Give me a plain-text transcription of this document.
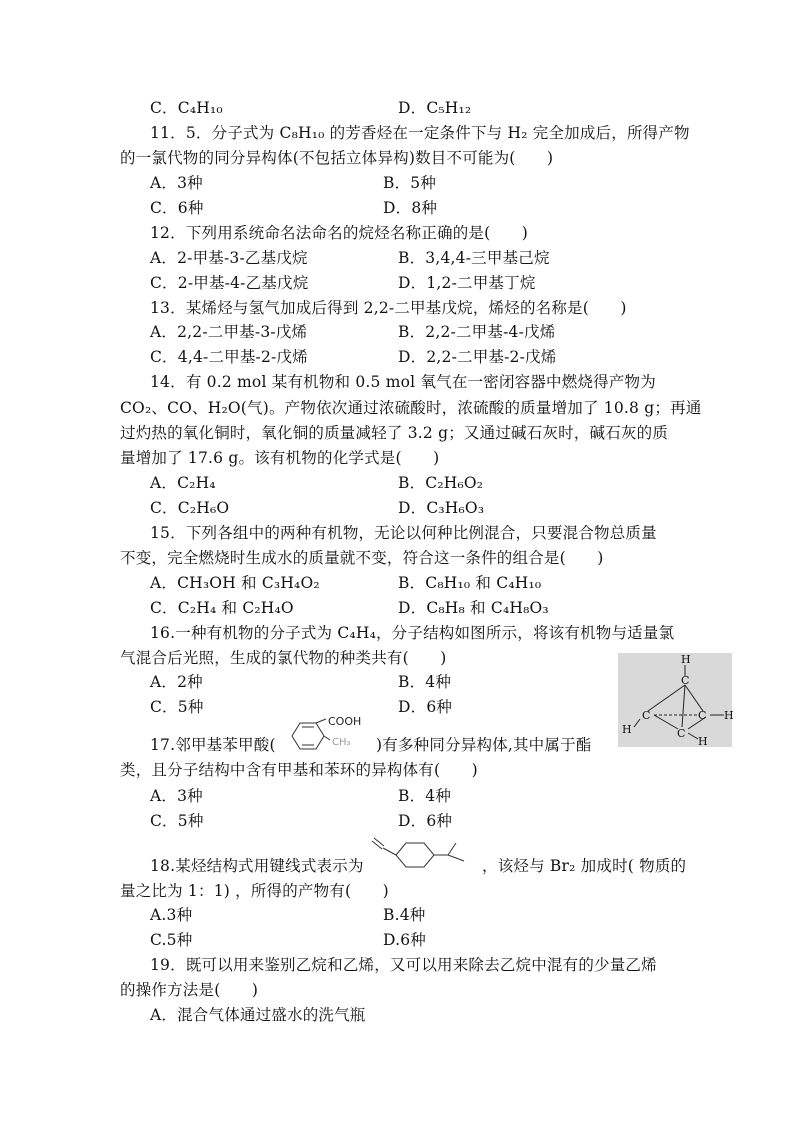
C．C₄H₁₀	D．C₅H₁₂
11．5．分子式为 C₈H₁₀ 的芳香烃在一定条件下与 H₂ 完全加成后，所得产物
的一氯代物的同分异构体(不包括立体异构)数目不可能为(　　)
A．3种	B．5种
C．6种	D．8种
12．下列用系统命名法命名的烷烃名称正确的是(　　)
A．2-甲基-3-乙基戊烷	B．3,4,4-三甲基己烷
C．2-甲基-4-乙基戊烷	D．1,2-二甲基丁烷
13．某烯烃与氢气加成后得到 2,2-二甲基戊烷，烯烃的名称是(　　)
A．2,2-二甲基-3-戊烯	B．2,2-二甲基-4-戊烯
C．4,4-二甲基-2-戊烯	D．2,2-二甲基-2-戊烯
14．有 0.2 mol 某有机物和 0.5 mol 氧气在一密闭容器中燃烧得产物为
CO₂、CO、H₂O(气)。产物依次通过浓硫酸时，浓硫酸的质量增加了 10.8 g；再通
过灼热的氧化铜时，氧化铜的质量减轻了 3.2 g；又通过碱石灰时，碱石灰的质
量增加了 17.6 g。该有机物的化学式是(　　)
A．C₂H₄	B．C₂H₆O₂
C．C₂H₆O	D．C₃H₆O₃
15．下列各组中的两种有机物，无论以何种比例混合，只要混合物总质量
不变，完全燃烧时生成水的质量就不变，符合这一条件的组合是(　　)
A．CH₃OH 和 C₃H₄O₂	B．C₈H₁₀ 和 C₄H₁₀
C．C₂H₄ 和 C₂H₄O	D．C₈H₈ 和 C₄H₈O₃
16.一种有机物的分子式为 C₄H₄，分子结构如图所示，将该有机物与适量氯
气混合后光照，生成的氯代物的种类共有(　　)
A．2种	B．4种
C．5种	D．6种
H
C
C	C H
H	C
H
17.邻甲基苯甲酸(
COOH
CH₃ )有多种同分异构体,其中属于酯
类，且分子结构中含有甲基和苯环的异构体有(　　)
A．3种	B．4种
C．5种	D．6种
18.某烃结构式用键线式表示为	，该烃与 Br₂ 加成时( 物质的
量之比为 1：1) ，所得的产物有(　　)
A.3种	B.4种
C.5种	D.6种
19．既可以用来鉴别乙烷和乙烯，又可以用来除去乙烷中混有的少量乙烯
的操作方法是(　　)
A．混合气体通过盛水的洗气瓶
